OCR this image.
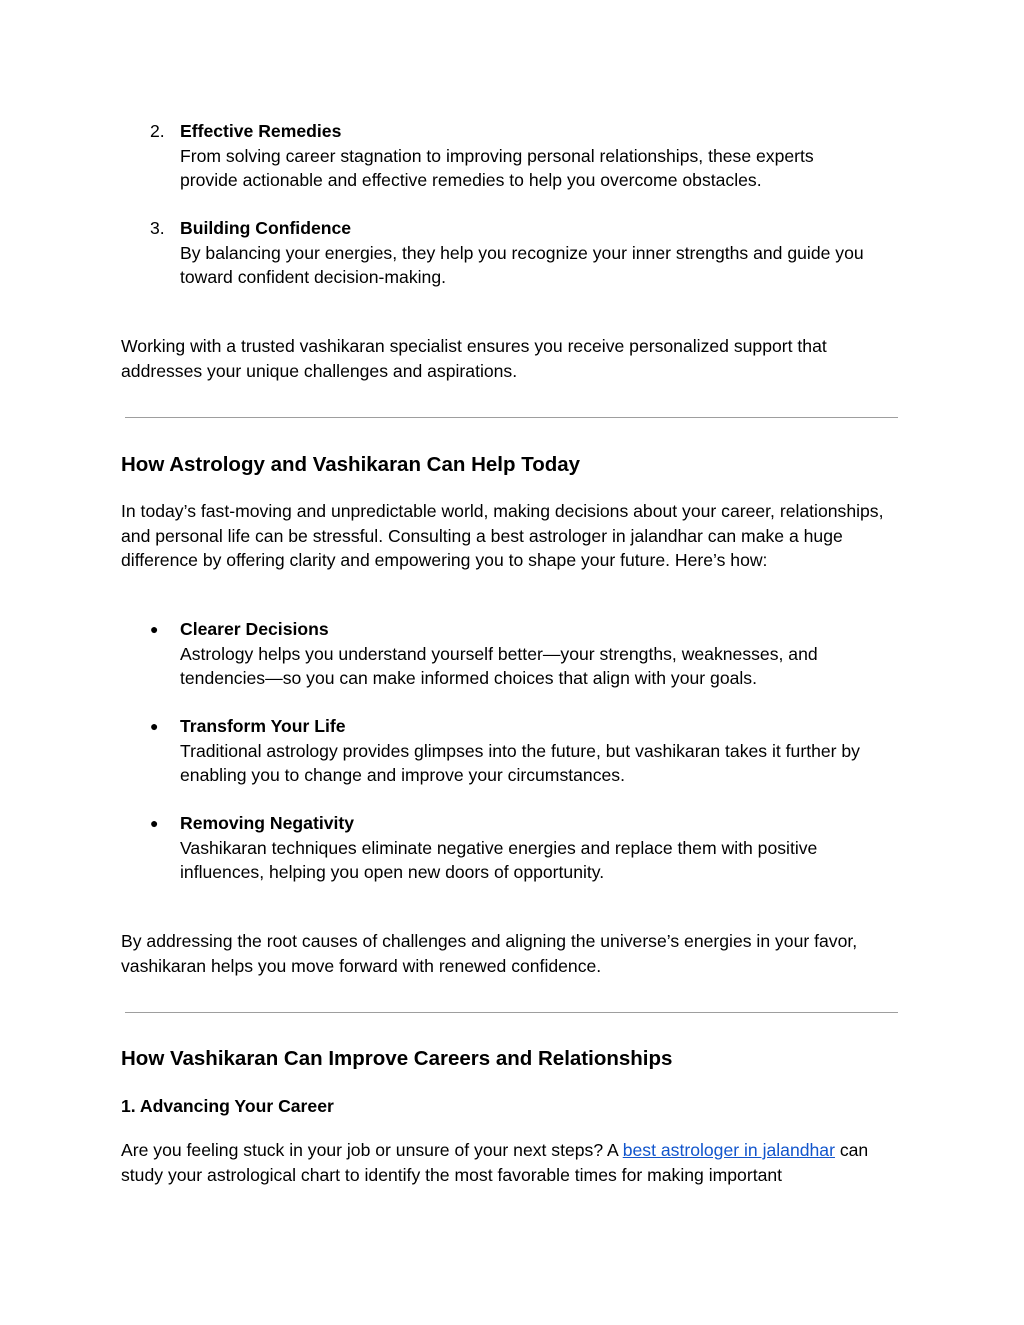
2. Effective Remedies

From solving career stagnation to improving personal relationships, these experts provide actionable and effective remedies to help you overcome obstacles.

3. Building Confidence

By balancing your energies, they help you recognize your inner strengths and guide you toward confident decision-making.

Working with a trusted vashikaran specialist ensures you receive personalized support that addresses your unique challenges and aspirations.

How Astrology and Vashikaran Can Help Today

In today’s fast-moving and unpredictable world, making decisions about your career, relationships, and personal life can be stressful. Consulting a best astrologer in jalandhar can make a huge difference by offering clarity and empowering you to shape your future. Here’s how:

● Clearer Decisions

Astrology helps you understand yourself better—your strengths, weaknesses, and tendencies—so you can make informed choices that align with your goals.

● Transform Your Life

Traditional astrology provides glimpses into the future, but vashikaran takes it further by enabling you to change and improve your circumstances.

● Removing Negativity

Vashikaran techniques eliminate negative energies and replace them with positive influences, helping you open new doors of opportunity.

By addressing the root causes of challenges and aligning the universe’s energies in your favor, vashikaran helps you move forward with renewed confidence.

How Vashikaran Can Improve Careers and Relationships
1. Advancing Your Career

Are you feeling stuck in your job or unsure of your next steps? A best astrologer in jalandhar can study your astrological chart to identify the most favorable times for making important
